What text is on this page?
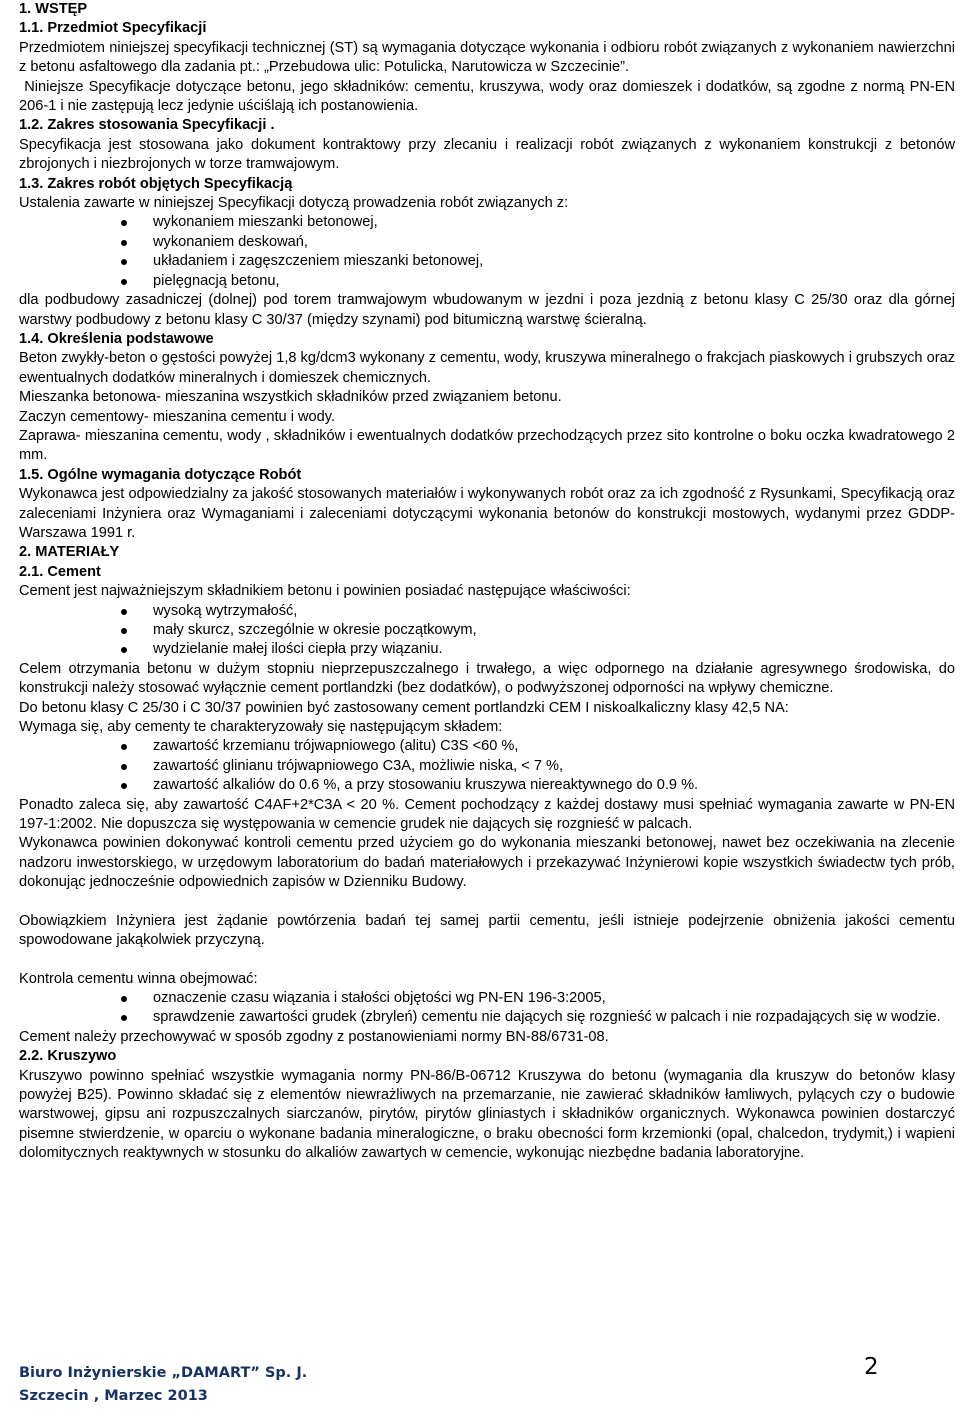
1. WSTĘP

1.1. Przedmiot Specyfikacji

Przedmiotem niniejszej specyfikacji technicznej (ST) są wymagania dotyczące wykonania i odbioru robót związanych z wykonaniem nawierzchni z betonu asfaltowego dla zadania pt.: „Przebudowa ulic: Potulicka, Narutowicza w Szczecinie”.

Niniejsze Specyfikacje dotyczące betonu, jego składników: cementu, kruszywa, wody oraz domieszek i dodatków, są zgodne z normą PN-EN 206-1 i nie zastępują lecz jedynie uściślają ich postanowienia.

1.2. Zakres stosowania Specyfikacji .

Specyfikacja jest stosowana jako dokument kontraktowy przy zlecaniu i realizacji robót związanych z wykonaniem konstrukcji z betonów zbrojonych i niezbrojonych w torze tramwajowym.

1.3. Zakres robót objętych Specyfikacją

Ustalenia zawarte w niniejszej Specyfikacji dotyczą prowadzenia robót związanych z:

wykonaniem mieszanki betonowej,
wykonaniem deskowań,
układaniem i zagęszczeniem mieszanki betonowej,
pielęgnacją betonu,

dla podbudowy zasadniczej (dolnej) pod torem tramwajowym wbudowanym w jezdni i poza jezdnią z betonu klasy C 25/30 oraz dla górnej warstwy podbudowy z betonu klasy C 30/37 (między szynami) pod bitumiczną warstwę ścieralną.

1.4. Określenia podstawowe

Beton zwykły-beton o gęstości powyżej 1,8 kg/dcm3 wykonany z cementu, wody, kruszywa mineralnego o frakcjach piaskowych i grubszych oraz ewentualnych dodatków mineralnych i domieszek chemicznych.

Mieszanka betonowa- mieszanina wszystkich składników przed związaniem betonu.

Zaczyn cementowy- mieszanina cementu i wody.

Zaprawa- mieszanina cementu, wody , składników i ewentualnych dodatków przechodzących przez sito kontrolne o boku oczka kwadratowego 2 mm.

1.5. Ogólne wymagania dotyczące Robót

Wykonawca jest odpowiedzialny za jakość stosowanych materiałów i wykonywanych robót oraz za ich zgodność z Rysunkami, Specyfikacją oraz zaleceniami Inżyniera oraz Wymaganiami i zaleceniami dotyczącymi wykonania betonów do konstrukcji mostowych, wydanymi przez GDDP- Warszawa 1991 r.

2. MATERIAŁY

2.1. Cement

Cement jest najważniejszym składnikiem betonu i powinien posiadać następujące właściwości:

wysoką wytrzymałość,
mały skurcz, szczególnie w okresie początkowym,
wydzielanie małej ilości ciepła przy wiązaniu.

Celem otrzymania betonu w dużym stopniu nieprzepuszczalnego i trwałego, a więc odpornego na działanie agresywnego środowiska, do konstrukcji należy stosować wyłącznie cement portlandzki (bez dodatków), o podwyższonej odporności na wpływy chemiczne.

Do betonu klasy C 25/30 i C 30/37 powinien być zastosowany cement portlandzki CEM I niskoalkaliczny klasy 42,5 NA:

Wymaga się, aby cementy te charakteryzowały się następującym składem:

zawartość krzemianu trójwapniowego (alitu) C3S <60 %,
zawartość glinianu trójwapniowego C3A, możliwie niska, < 7 %,
zawartość alkaliów do 0.6 %, a przy stosowaniu kruszywa niereaktywnego do 0.9 %.

Ponadto zaleca się, aby zawartość C4AF+2*C3A < 20 %. Cement pochodzący z każdej dostawy musi spełniać wymagania zawarte w PN-EN 197-1:2002. Nie dopuszcza się występowania w cemencie grudek nie dających się rozgnieść w palcach.

Wykonawca powinien dokonywać kontroli cementu przed użyciem go do wykonania mieszanki betonowej, nawet bez oczekiwania na zlecenie nadzoru inwestorskiego, w urzędowym laboratorium do badań materiałowych i przekazywać Inżynierowi kopie wszystkich świadectw tych prób, dokonując jednocześnie odpowiednich zapisów w Dzienniku Budowy.

Obowiązkiem Inżyniera jest żądanie powtórzenia badań tej samej partii cementu, jeśli istnieje podejrzenie obniżenia jakości cementu spowodowane jakąkolwiek przyczyną.

Kontrola cementu winna obejmować:

oznaczenie czasu wiązania i stałości objętości wg PN-EN 196-3:2005,
sprawdzenie zawartości grudek (zbryleń) cementu nie dających się rozgnieść w palcach i nie rozpadających się w wodzie.

Cement należy przechowywać w sposób zgodny z postanowieniami normy BN-88/6731-08.

2.2. Kruszywo

Kruszywo powinno spełniać wszystkie wymagania normy PN-86/B-06712 Kruszywa do betonu (wymagania dla kruszyw do betonów klasy powyżej B25). Powinno składać się z elementów niewrażliwych na przemarzanie, nie zawierać składników łamliwych, pylących czy o budowie warstwowej, gipsu ani rozpuszczalnych siarczanów, pirytów, pirytów gliniastych i składników organicznych. Wykonawca powinien dostarczyć pisemne stwierdzenie, w oparciu o wykonane badania mineralogiczne, o braku obecności form krzemionki (opal, chalcedon, trydymit,) i wapieni dolomitycznych reaktywnych w stosunku do alkaliów zawartych w cemencie, wykonując niezbędne badania laboratoryjne.

Biuro Inżynierskie „DAMART” Sp. J.
Szczecin , Marzec 2013
2
